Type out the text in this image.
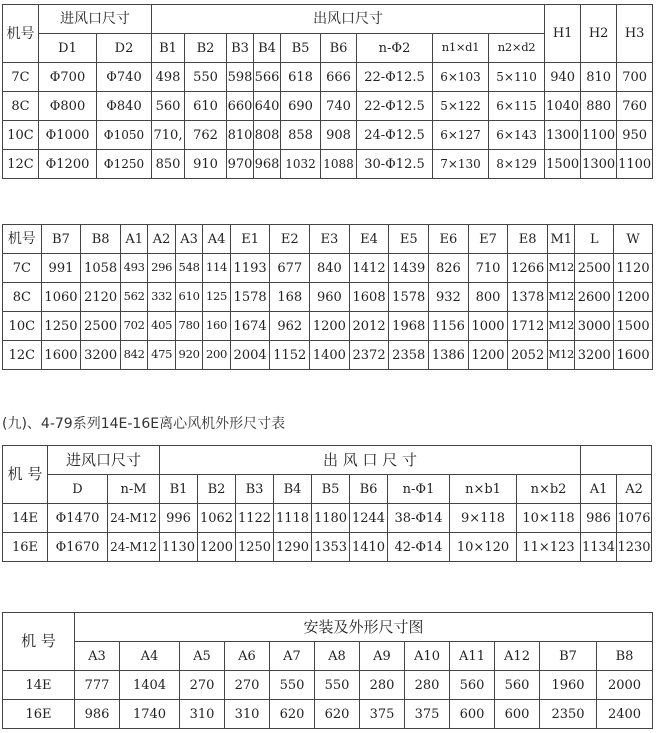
机号	进风口尺寸		出风口尺寸									H1	H2	H3
	D1	D2	B1	B2	B3	B4	B5	B6	n-Φ2	n1×d1	n2×d2			
7C	Φ700	Φ740	498	550	598	566	618	666	22-Φ12.5	6×103	5×110	940	810	700
8C	Φ800	Φ840	560	610	660	640	690	740	22-Φ12.5	5×122	6×115	1040	880	760
10C	Φ1000	Φ1050	710,	762	810	808	858	908	24-Φ12.5	6×127	6×143	1300	1100	950
12C	Φ1200	Φ1250	850	910	970	968	1032	1088	30-Φ12.5	7×130	8×129	1500	1300	1100
机号	B7	B8	A1	A2	A3	A4	E1	E2	E3	E4	E5	E6	E7	E8	M1	L	W
7C	991	1058	493	296	548	114	1193	677	840	1412	1439	826	710	1266	M12	2500	1120
8C	1060	2120	562	332	610	125	1578	168	960	1608	1578	932	800	1378	M12	2600	1200
10C	1250	2500	702	405	780	160	1674	962	1200	2012	1968	1156	1000	1712	M12	3000	1500
12C	1600	3200	842	475	920	200	2004	1152	1400	2372	2358	1386	1200	2052	M12	3200	1600
(九)、4-79系列14E-16E离心风机外形尺寸表
机 号	进风口尺寸		出 风 口 尺 寸										
	D	n-M	B1	B2	B3	B4	B5	B6	n-Φ1	n×b1	n×b2	A1	A2
14E	Φ1470	24-M12	996	1062	1122	1118	1180	1244	38-Φ14	9×118	10×118	986	1076
16E	Φ1670	24-M12	1130	1200	1250	1290	1353	1410	42-Φ14	10×120	11×123	1134	1230
机 号	安装及外形尺寸图											
	A3	A4	A5	A6	A7	A8	A9	A10	A11	A12	B7	B8
14E	777	1404	270	270	550	550	280	280	560	560	1960	2000
16E	986	1740	310	310	620	620	375	375	600	600	2350	2400
